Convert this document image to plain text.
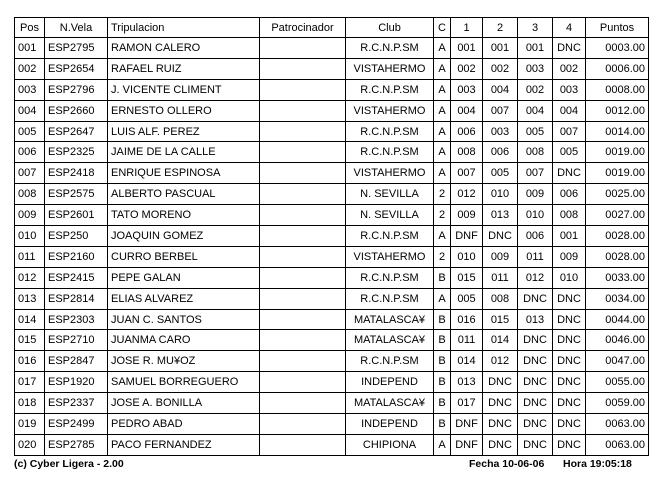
Pos	N.Vela	Tripulacion	Patrocinador	Club	C	1	2	3	4	Puntos
001	ESP2795	RAMON CALERO		R.C.N.P.SM	A	001	001	001	DNC	0003.00
002	ESP2654	RAFAEL RUIZ		VISTAHERMO	A	002	002	003	002	0006.00
003	ESP2796	J. VICENTE CLIMENT		R.C.N.P.SM	A	003	004	002	003	0008.00
004	ESP2660	ERNESTO OLLERO		VISTAHERMO	A	004	007	004	004	0012.00
005	ESP2647	LUIS ALF. PEREZ		R.C.N.P.SM	A	006	003	005	007	0014.00
006	ESP2325	JAIME DE LA CALLE		R.C.N.P.SM	A	008	006	008	005	0019.00
007	ESP2418	ENRIQUE ESPINOSA		VISTAHERMO	A	007	005	007	DNC	0019.00
008	ESP2575	ALBERTO PASCUAL		N. SEVILLA	2	012	010	009	006	0025.00
009	ESP2601	TATO MORENO		N. SEVILLA	2	009	013	010	008	0027.00
010	ESP250	JOAQUIN GOMEZ		R.C.N.P.SM	A	DNF	DNC	006	001	0028.00
011	ESP2160	CURRO BERBEL		VISTAHERMO	2	010	009	011	009	0028.00
012	ESP2415	PEPE GALAN		R.C.N.P.SM	B	015	011	012	010	0033.00
013	ESP2814	ELIAS ALVAREZ		R.C.N.P.SM	A	005	008	DNC	DNC	0034.00
014	ESP2303	JUAN C. SANTOS		MATALASCA¥	B	016	015	013	DNC	0044.00
015	ESP2710	JUANMA CARO		MATALASCA¥	B	011	014	DNC	DNC	0046.00
016	ESP2847	JOSE R. MU¥OZ		R.C.N.P.SM	B	014	012	DNC	DNC	0047.00
017	ESP1920	SAMUEL BORREGUERO		INDEPEND	B	013	DNC	DNC	DNC	0055.00
018	ESP2337	JOSE A. BONILLA		MATALASCA¥	B	017	DNC	DNC	DNC	0059.00
019	ESP2499	PEDRO ABAD		INDEPEND	B	DNF	DNC	DNC	DNC	0063.00
020	ESP2785	PACO FERNANDEZ		CHIPIONA	A	DNF	DNC	DNC	DNC	0063.00
(c) Cyber Ligera - 2.00	Fecha 10-06-06 Hora 19:05:18
